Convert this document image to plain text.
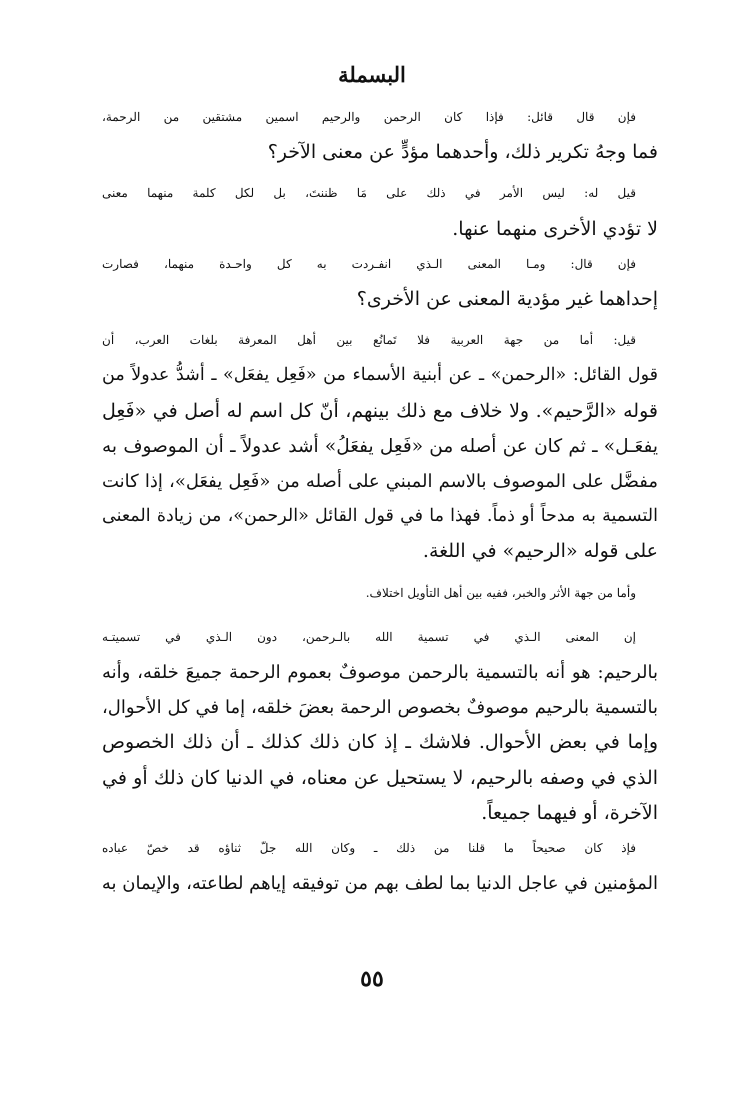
البسملة

فإن قال قائل: فإذا كان الرحمن والرحيم اسمين مشتقين من الرحمة،
فما وجهُ تكرير ذلك، وأحدهما مؤدٍّ عن معنى الآخر؟

قيل له: ليس الأمر في ذلك على مَا ظننتَ، بل لكل كلمة منهما معنى
لا تؤدي الأخرى منهما عنها.

فإن قال: ومـا المعنى الـذي انفـردت به كل واحـدة منهما، فصارت
إحداهما غير مؤدية المعنى عن الأخرى؟

قيل: أما من جهة العربية فلا تَمانُع بين أهل المعرفة بلغات العرب، أن
قول القائل: «الرحمن» ـ عن أبنية الأسماء من «فَعِل يفعَل» ـ أشدُّ عدولاً من
قوله «الرَّحيم». ولا خلاف مع ذلك بينهم، أنّ كل اسم له أصل في «فَعِل
يفعَـل» ـ ثم كان عن أصله من «فَعِل يفعَلُ» أشد عدولاً ـ أن الموصوف به
مفضَّل على الموصوف بالاسم المبني على أصله من «فَعِل يفعَل»، إذا كانت
التسمية به مدحاً أو ذماً. فهذا ما في قول القائل «الرحمن»، من زيادة المعنى
على قوله «الرحيم» في اللغة.

وأما من جهة الأثر والخبر، ففيه بين أهل التأويل اختلاف.

إن المعنى الـذي في تسمية الله بالـرحمن، دون الـذي في تسميتـه
بالرحيم: هو أنه بالتسمية بالرحمن موصوفٌ بعموم الرحمة جميعَ خلقه، وأنه
بالتسمية بالرحيم موصوفٌ بخصوص الرحمة بعضَ خلقه، إما في كل الأحوال،
وإما في بعض الأحوال. فلاشك ـ إذ كان ذلك كذلك ـ أن ذلك الخصوص
الذي في وصفه بالرحيم، لا يستحيل عن معناه، في الدنيا كان ذلك أو في
الآخرة، أو فيهما جميعاً.

فإذ كان صحيحاً ما قلنا من ذلك ـ وكان الله جلّ ثناؤه قد خصّ عباده
المؤمنين في عاجل الدنيا بما لطف بهم من توفيقه إياهم لطاعته، والإيمان به

٥٥
